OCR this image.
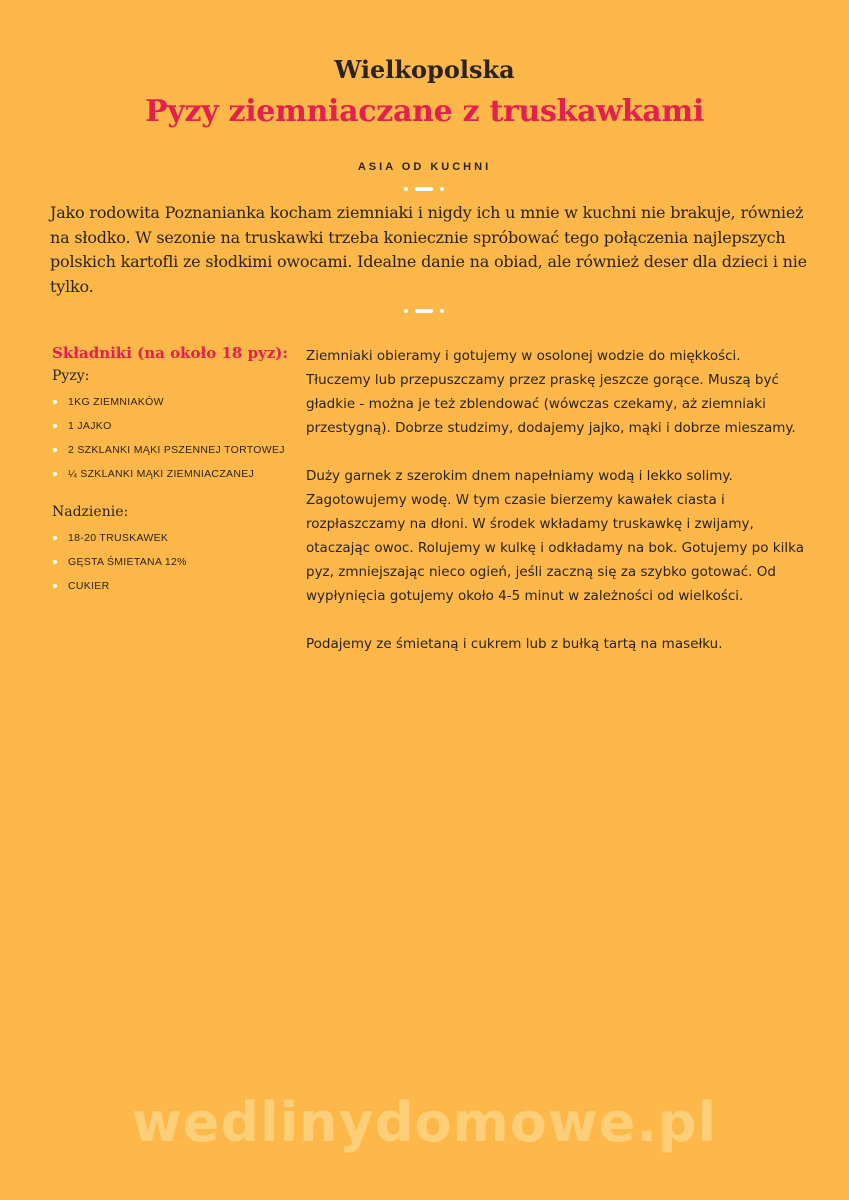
Wielkopolska
Pyzy ziemniaczane z truskawkami
ASIA OD KUCHNI

Jako rodowita Poznanianka kocham ziemniaki i nigdy ich u mnie w kuchni nie brakuje, również na słodko. W sezonie na truskawki trzeba koniecznie spróbować tego połączenia najlepszych polskich kartofli ze słodkimi owocami. Idealne danie na obiad, ale również deser dla dzieci i nie tylko.

Składniki (na około 18 pyz):

Pyzy:

1KG ZIEMNIAKÓW
1 JAJKO
2 SZKLANKI MĄKI PSZENNEJ TORTOWEJ
¼ SZKLANKI MĄKI ZIEMNIACZANEJ

Nadzienie:

18-20 TRUSKAWEK
GĘSTA ŚMIETANA 12%
CUKIER

Ziemniaki obieramy i gotujemy w osolonej wodzie do miękkości. Tłuczemy lub przepuszczamy przez praskę jeszcze gorące. Muszą być gładkie - można je też zblendować (wówczas czekamy, aż ziemniaki przestygną). Dobrze studzimy, dodajemy jajko, mąki i dobrze mieszamy.

Duży garnek z szerokim dnem napełniamy wodą i lekko solimy. Zagotowujemy wodę. W tym czasie bierzemy kawałek ciasta i rozpłaszczamy na dłoni. W środek wkładamy truskawkę i zwijamy, otaczając owoc. Rolujemy w kulkę i odkładamy na bok. Gotujemy po kilka pyz, zmniejszając nieco ogień, jeśli zaczną się za szybko gotować. Od wypłynięcia gotujemy około 4-5 minut w zależności od wielkości.

Podajemy ze śmietaną i cukrem lub z bułką tartą na masełku.

wedlinydomowe.pl
